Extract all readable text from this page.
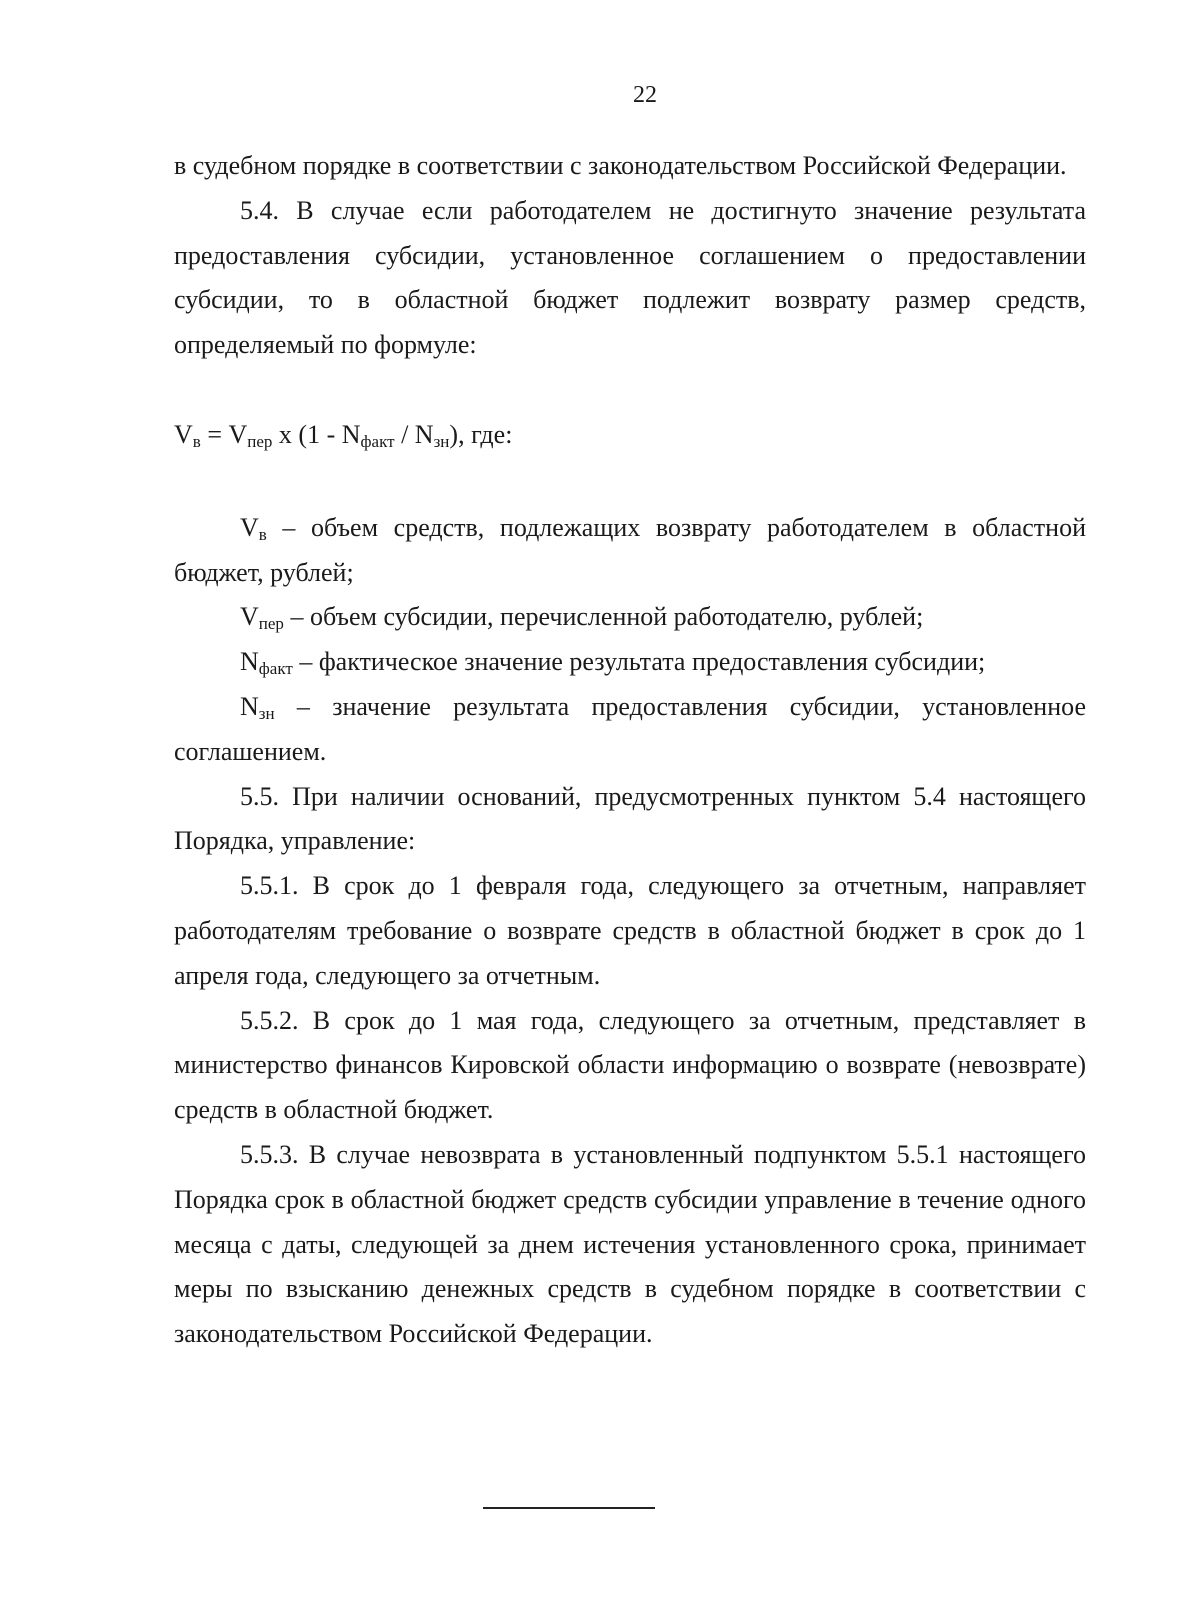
22

в судебном порядке в соответствии с законодательством Российской Федерации.

5.4. В случае если работодателем не достигнуто значение результата предоставления субсидии, установленное соглашением о предоставлении субсидии, то в областной бюджет подлежит возврату размер средств, определяемый по формуле:

$V_в = V_{пер}$ х $(1 - N_{факт} / N_{зн})$, где:

$V_в$ – объем средств, подлежащих возврату работодателем в областной бюджет, рублей;

$V_{пер}$ – объем субсидии, перечисленной работодателю, рублей;

$N_{факт}$ – фактическое значение результата предоставления субсидии;

$N_{зн}$ – значение результата предоставления субсидии, установленное соглашением.

5.5. При наличии оснований, предусмотренных пунктом 5.4 настоящего Порядка, управление:

5.5.1. В срок до 1 февраля года, следующего за отчетным, направляет работодателям требование о возврате средств в областной бюджет в срок до 1 апреля года, следующего за отчетным.

5.5.2. В срок до 1 мая года, следующего за отчетным, представляет в министерство финансов Кировской области информацию о возврате (невозврате) средств в областной бюджет.

5.5.3. В случае невозврата в установленный подпунктом 5.5.1 настоящего Порядка срок в областной бюджет средств субсидии управление в течение одного месяца с даты, следующей за днем истечения установленного срока, принимает меры по взысканию денежных средств в судебном порядке в соответствии с законодательством Российской Федерации.
